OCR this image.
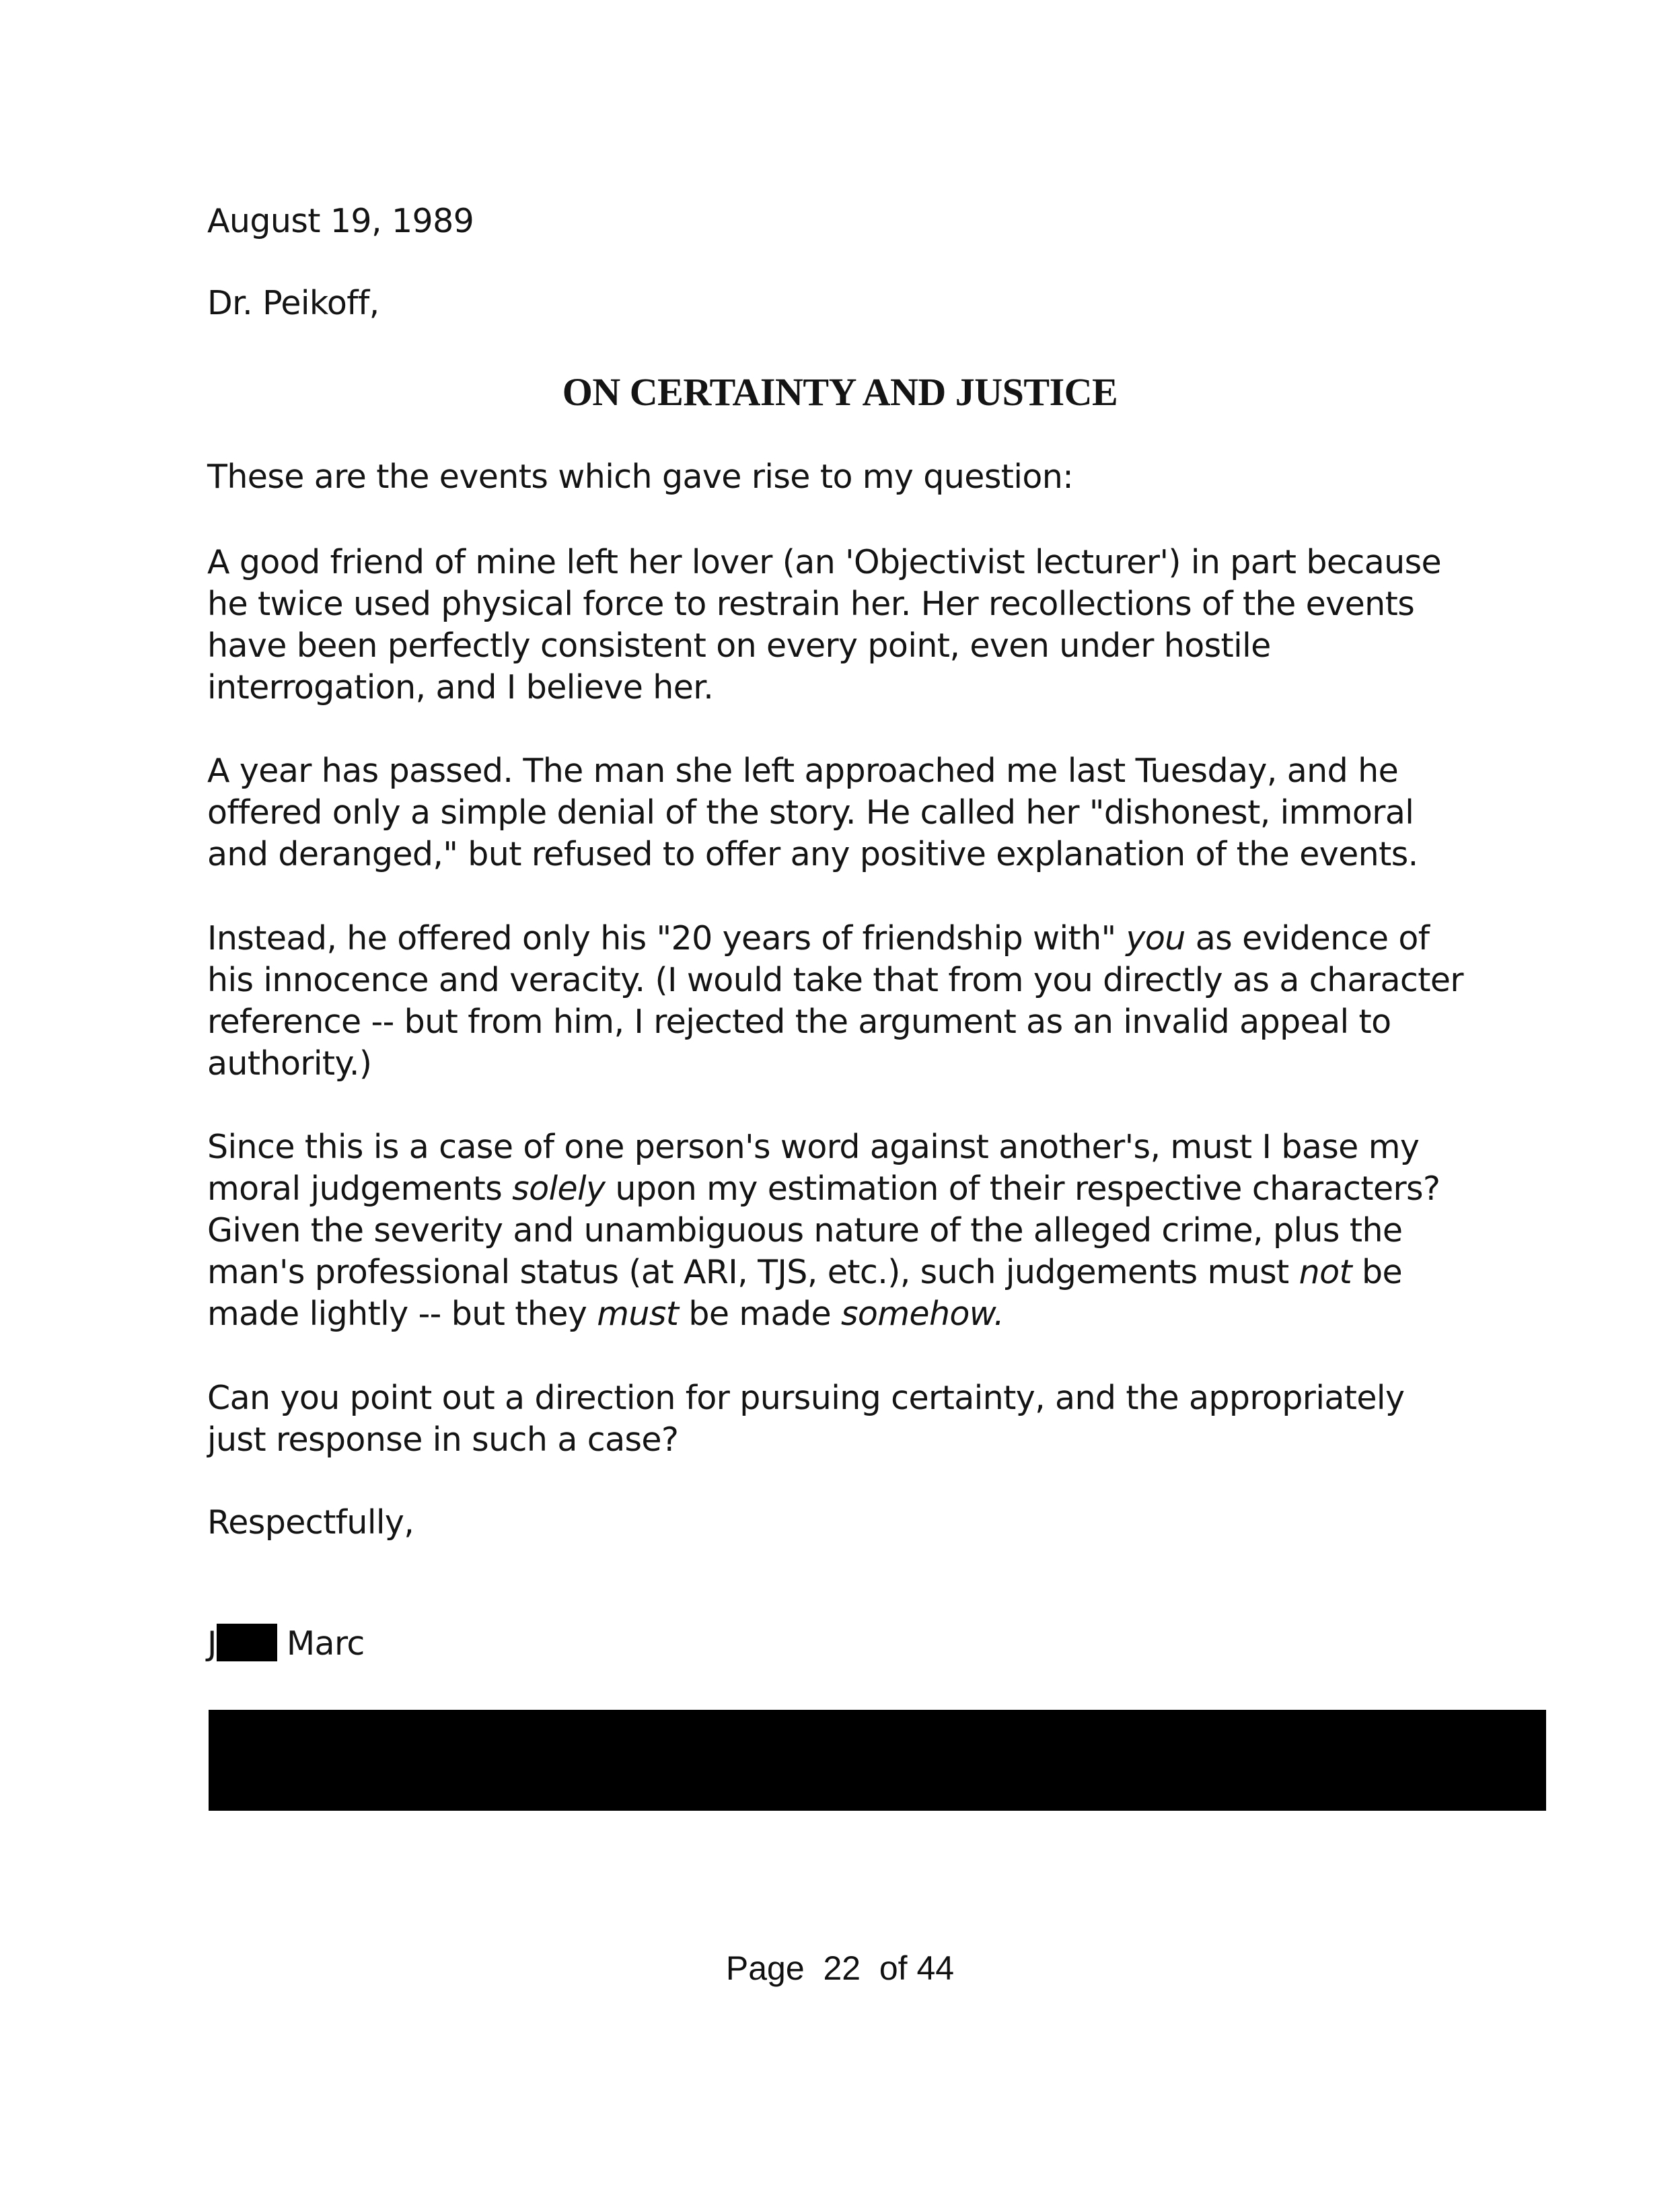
August 19, 1989

Dr. Peikoff,

ON CERTAINTY AND JUSTICE

These are the events which gave rise to my question:

A good friend of mine left her lover (an 'Objectivist lecturer') in part because

he twice used physical force to restrain her. Her recollections of the events

have been perfectly consistent on every point, even under hostile

interrogation, and I believe her.

A year has passed. The man she left approached me last Tuesday, and he

offered only a simple denial of the story. He called her "dishonest, immoral

and deranged," but refused to offer any positive explanation of the events.

Instead, he offered only his "20 years of friendship with" you as evidence of

his innocence and veracity. (I would take that from you directly as a character

reference -- but from him, I rejected the argument as an invalid appeal to

authority.)

Since this is a case of one person's word against another's, must I base my

moral judgements solely upon my estimation of their respective characters?

Given the severity and unambiguous nature of the alleged crime, plus the

man's professional status (at ARI, TJS, etc.), such judgements must not be

made lightly -- but they must be made somehow.

Can you point out a direction for pursuing certainty, and the appropriately

just response in such a case?

Respectfully,

J Marc

Page 22 of 44
